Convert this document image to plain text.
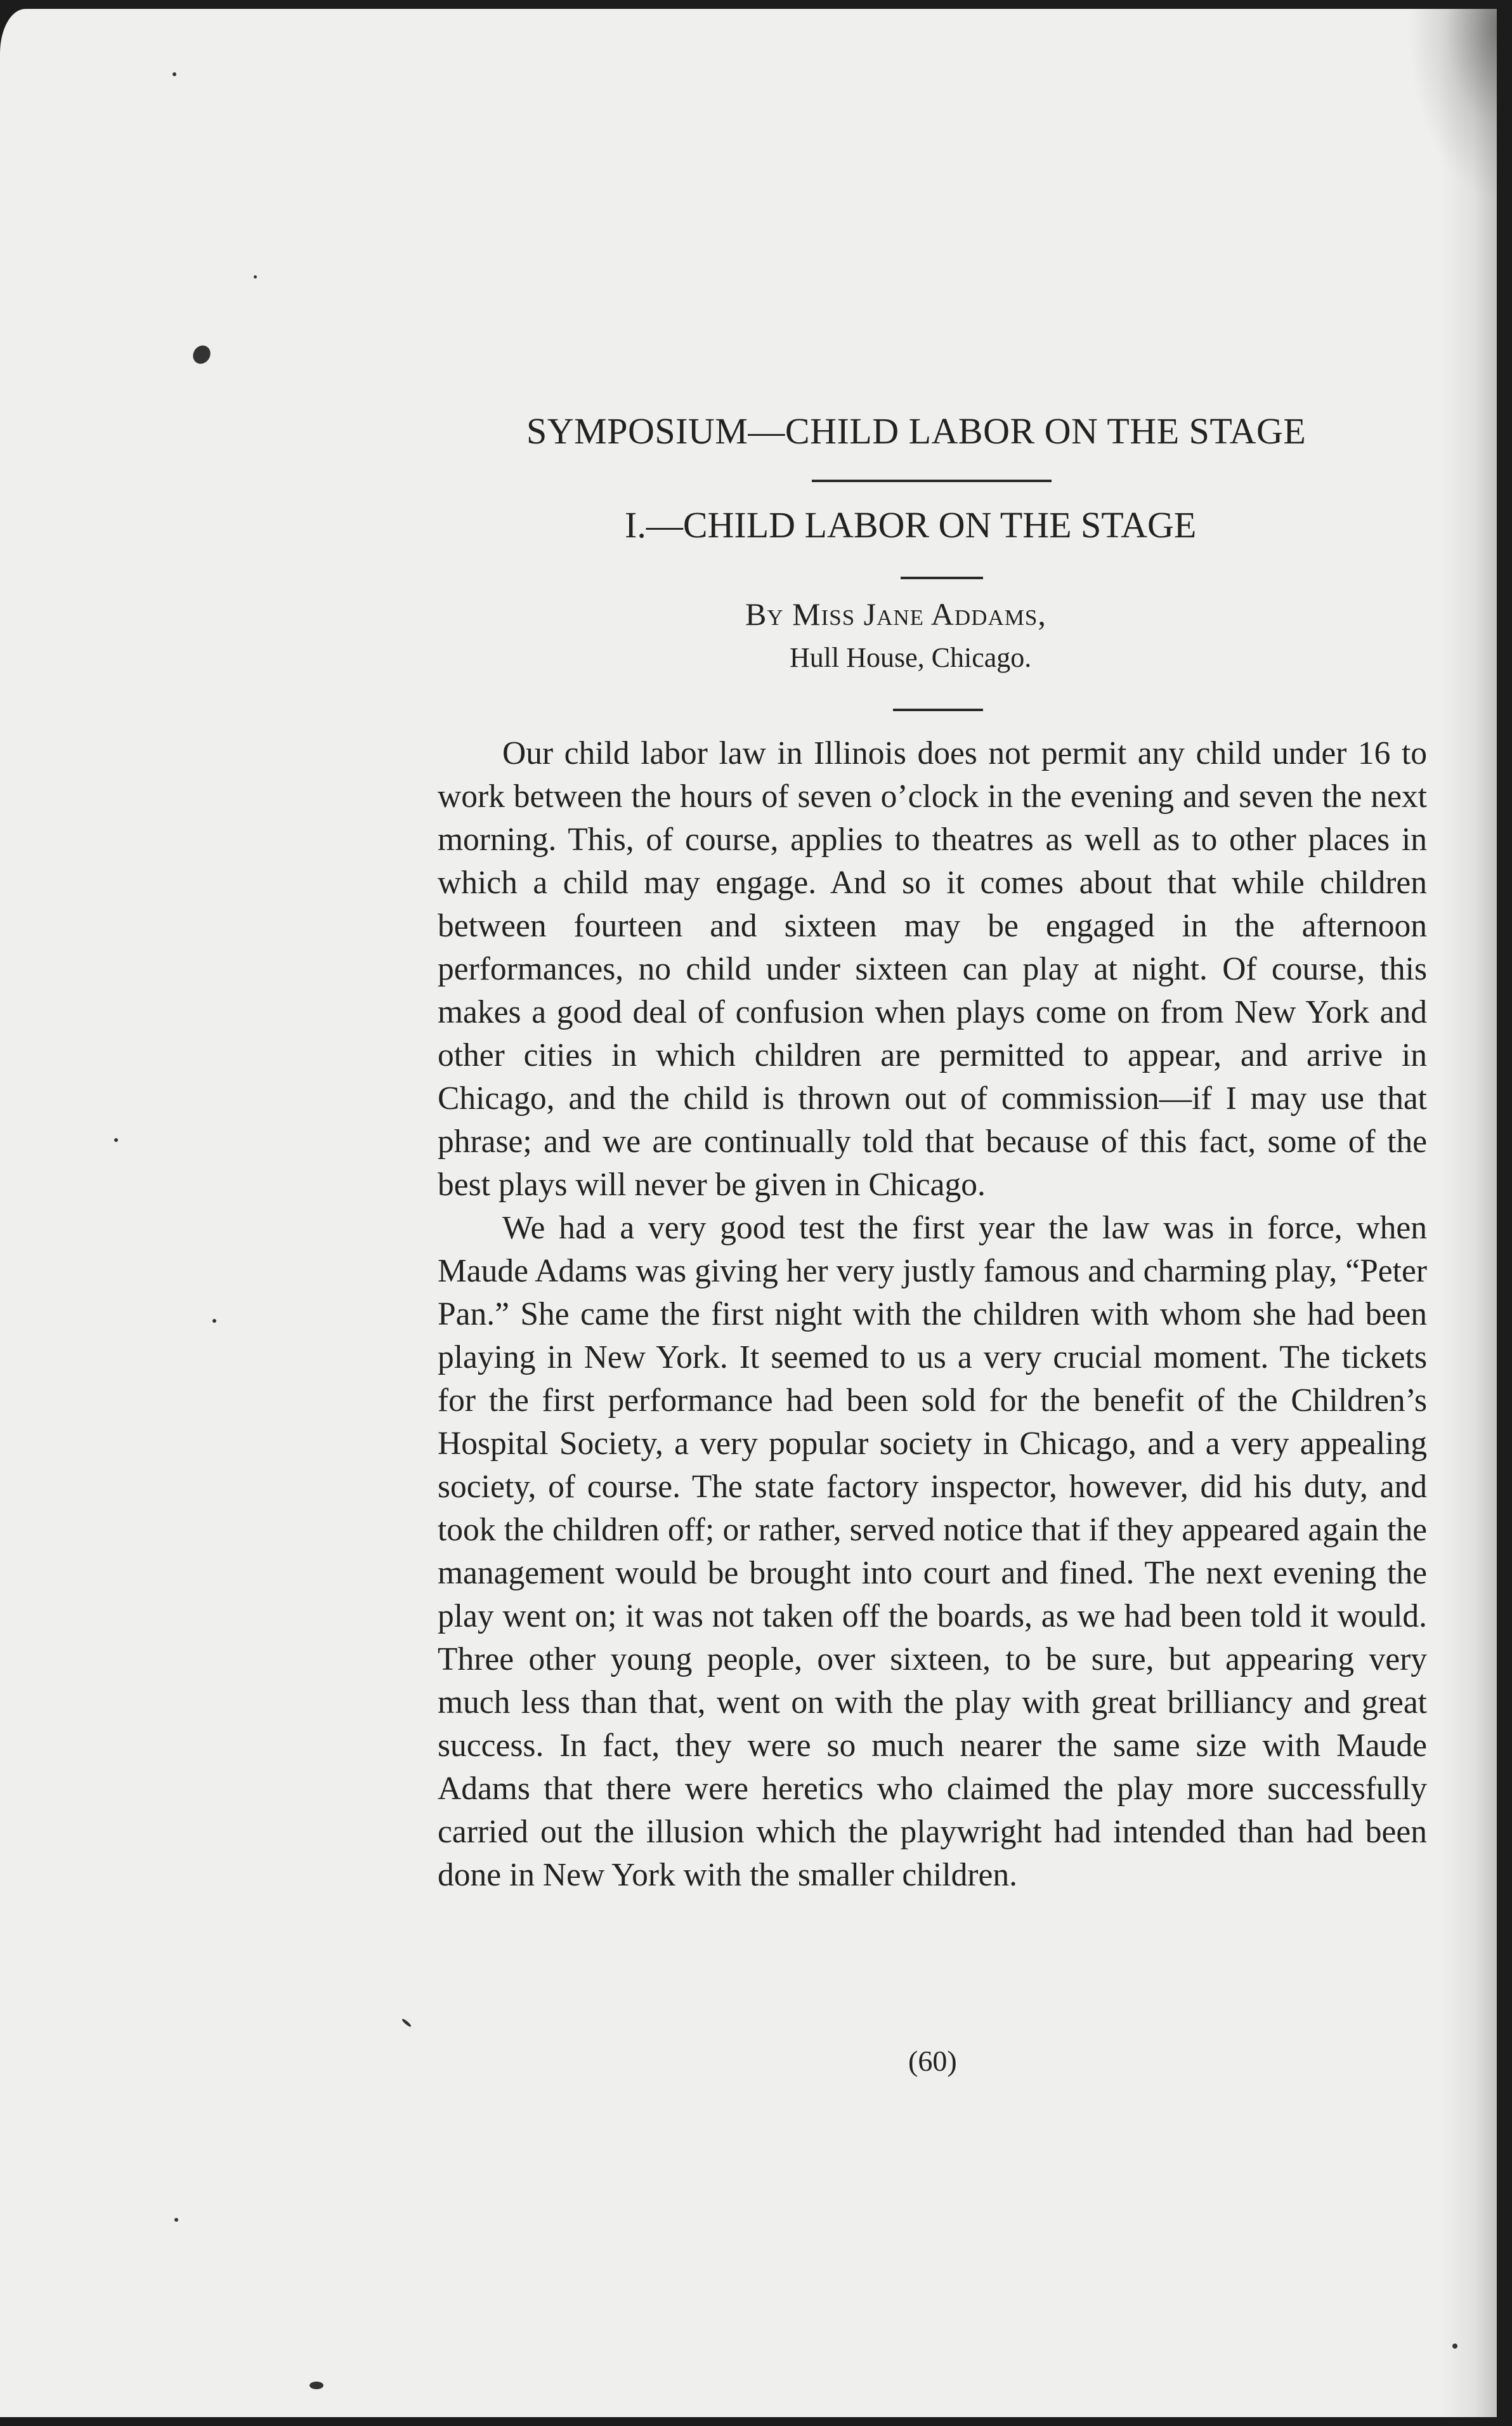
SYMPOSIUM—CHILD LABOR ON THE STAGE
I.—CHILD LABOR ON THE STAGE
By Miss Jane Addams,
Hull House, Chicago.

Our child labor law in Illinois does not permit any child under 16 to work between the hours of seven o’clock in the evening and seven the next morning. This, of course, applies to theatres as well as to other places in which a child may engage. And so it comes about that while children between fourteen and sixteen may be engaged in the afternoon performances, no child under sixteen can play at night. Of course, this makes a good deal of confusion when plays come on from New York and other cities in which children are permitted to appear, and arrive in Chicago, and the child is thrown out of commission—if I may use that phrase; and we are continually told that because of this fact, some of the best plays will never be given in Chicago.

We had a very good test the first year the law was in force, when Maude Adams was giving her very justly famous and charming play, “Peter Pan.” She came the first night with the children with whom she had been playing in New York. It seemed to us a very crucial moment. The tickets for the first performance had been sold for the benefit of the Children’s Hospital Society, a very popular society in Chicago, and a very appealing society, of course. The state factory inspector, however, did his duty, and took the children off; or rather, served notice that if they appeared again the management would be brought into court and fined. The next evening the play went on; it was not taken off the boards, as we had been told it would. Three other young people, over sixteen, to be sure, but appearing very much less than that, went on with the play with great brilliancy and great success. In fact, they were so much nearer the same size with Maude Adams that there were heretics who claimed the play more successfully carried out the illusion which the playwright had intended than had been done in New York with the smaller children.

(60)
